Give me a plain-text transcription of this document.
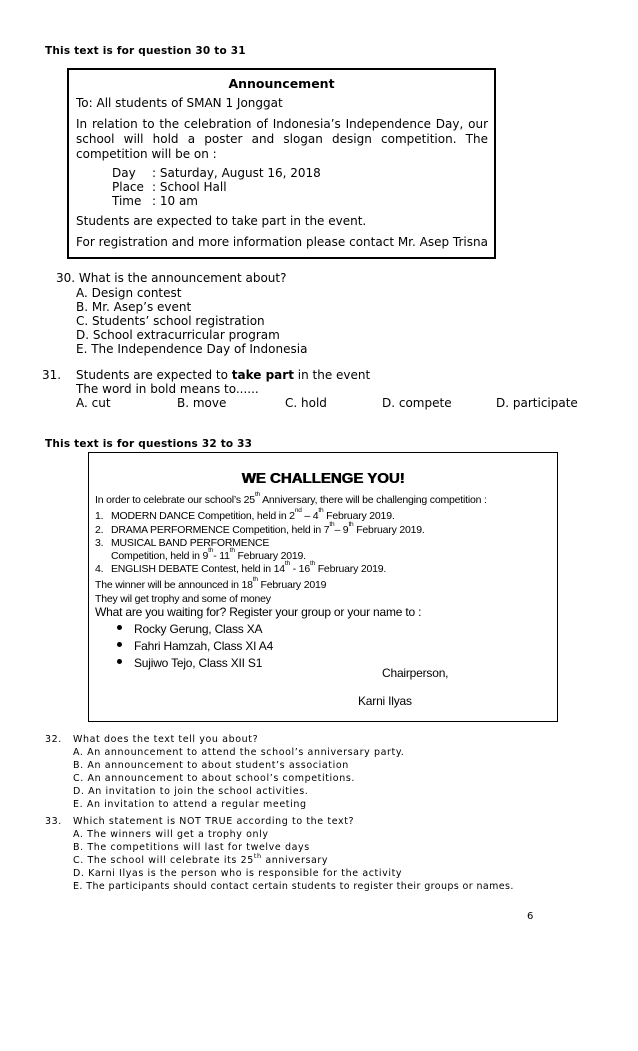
This text is for question 30 to 31
Announcement
To: All students of SMAN 1 Jonggat
In relation to the celebration of Indonesia’s Independence Day, our
school will hold a poster and slogan design competition. The
competition will be on :
Day : Saturday, August 16, 2018
Place : School Hall
Time : 10 am
Students are expected to take part in the event.
For registration and more information please contact Mr. Asep Trisna
30. What is the announcement about?
A. Design contest
B. Mr. Asep’s event
C. Students’ school registration
D. School extracurricular program
E. The Independence Day of Indonesia
31. Students are expected to take part in the event
The word in bold means to......
A. cut	B. move	C. hold	D. compete	D. participate
This text is for questions 32 to 33
WE CHALLENGE YOU!
In order to celebrate our school’s 25th Anniversary, there will be challenging competition :
1. MODERN DANCE Competition, held in 2nd – 4th February 2019.
2. DRAMA PERFORMENCE Competition, held in 7th– 9th February 2019.
3. MUSICAL BAND PERFORMENCE
Competition, held in 9th- 11th February 2019.
4. ENGLISH DEBATE Contest, held in 14th - 16th February 2019.
The winner will be announced in 18th February 2019
They wil get trophy and some of money
What are you waiting for? Register your group or your name to :
Rocky Gerung, Class XA
Fahri Hamzah, Class XI A4
Sujiwo Tejo, Class XII S1
Chairperson,
Karni Ilyas
32. What does the text tell you about?
A. An announcement to attend the school’s anniversary party.
B. An announcement to about student’s association
C. An announcement to about school’s competitions.
D. An invitation to join the school activities.
E. An invitation to attend a regular meeting
33. Which statement is NOT TRUE according to the text?
A. The winners will get a trophy only
B. The competitions will last for twelve days
C. The school will celebrate its 25th anniversary
D. Karni Ilyas is the person who is responsible for the activity
E. The participants should contact certain students to register their groups or names.
6
